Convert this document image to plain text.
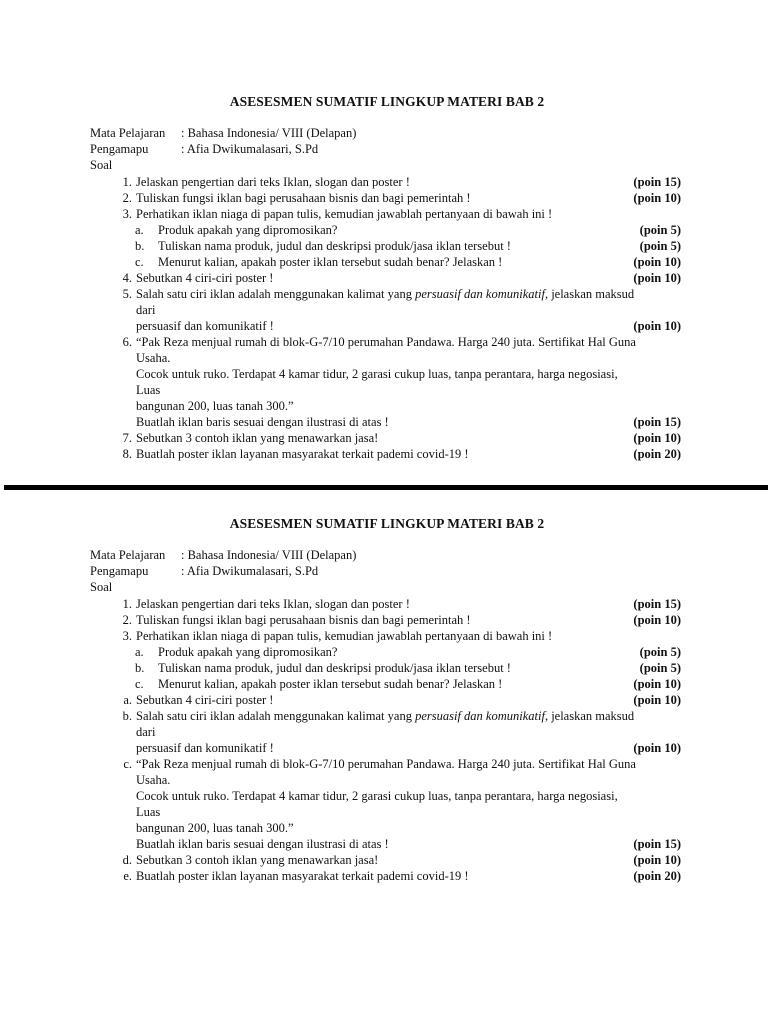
ASESESMEN SUMATIF LINGKUP MATERI BAB 2
Mata Pelajaran : Bahasa Indonesia/ VIII (Delapan)
Pengamapu	: Afia Dwikumalasari, S.Pd
Soal
1. Jelaskan pengertian dari teks Iklan, slogan dan poster !	(poin 15)
2. Tuliskan fungsi iklan bagi perusahaan bisnis dan bagi pemerintah !	(poin 10)
3. Perhatikan iklan niaga di papan tulis, kemudian jawablah pertanyaan di bawah ini !
a.	Produk apakah yang dipromosikan?	(poin 5)
b.	Tuliskan nama produk, judul dan deskripsi produk/jasa iklan tersebut !	(poin 5)
c.	Menurut kalian, apakah poster iklan tersebut sudah benar? Jelaskan !	(poin 10)
4. Sebutkan 4 ciri-ciri poster !	(poin 10)
5. Salah satu ciri iklan adalah menggunakan kalimat yang persuasif dan komunikatif, jelaskan maksud dari
persuasif dan komunikatif !	(poin 10)
6. “Pak Reza menjual rumah di blok-G-7/10 perumahan Pandawa. Harga 240 juta. Sertifikat Hal Guna Usaha.
Cocok untuk ruko. Terdapat 4 kamar tidur, 2 garasi cukup luas, tanpa perantara, harga negosiasi, Luas
bangunan 200, luas tanah 300.”
Buatlah iklan baris sesuai dengan ilustrasi di atas !	(poin 15)
7. Sebutkan 3 contoh iklan yang menawarkan jasa!	(poin 10)
8. Buatlah poster iklan layanan masyarakat terkait pademi covid-19 !	(poin 20)
ASESESMEN SUMATIF LINGKUP MATERI BAB 2
Mata Pelajaran : Bahasa Indonesia/ VIII (Delapan)
Pengamapu	: Afia Dwikumalasari, S.Pd
Soal
1. Jelaskan pengertian dari teks Iklan, slogan dan poster !	(poin 15)
2. Tuliskan fungsi iklan bagi perusahaan bisnis dan bagi pemerintah !	(poin 10)
3. Perhatikan iklan niaga di papan tulis, kemudian jawablah pertanyaan di bawah ini !
a.	Produk apakah yang dipromosikan?	(poin 5)
b.	Tuliskan nama produk, judul dan deskripsi produk/jasa iklan tersebut !	(poin 5)
c.	Menurut kalian, apakah poster iklan tersebut sudah benar? Jelaskan !	(poin 10)
a. Sebutkan 4 ciri-ciri poster !	(poin 10)
b. Salah satu ciri iklan adalah menggunakan kalimat yang persuasif dan komunikatif, jelaskan maksud dari
persuasif dan komunikatif !	(poin 10)
c. “Pak Reza menjual rumah di blok-G-7/10 perumahan Pandawa. Harga 240 juta. Sertifikat Hal Guna Usaha.
Cocok untuk ruko. Terdapat 4 kamar tidur, 2 garasi cukup luas, tanpa perantara, harga negosiasi, Luas
bangunan 200, luas tanah 300.”
Buatlah iklan baris sesuai dengan ilustrasi di atas !	(poin 15)
d. Sebutkan 3 contoh iklan yang menawarkan jasa!	(poin 10)
e. Buatlah poster iklan layanan masyarakat terkait pademi covid-19 !	(poin 20)
